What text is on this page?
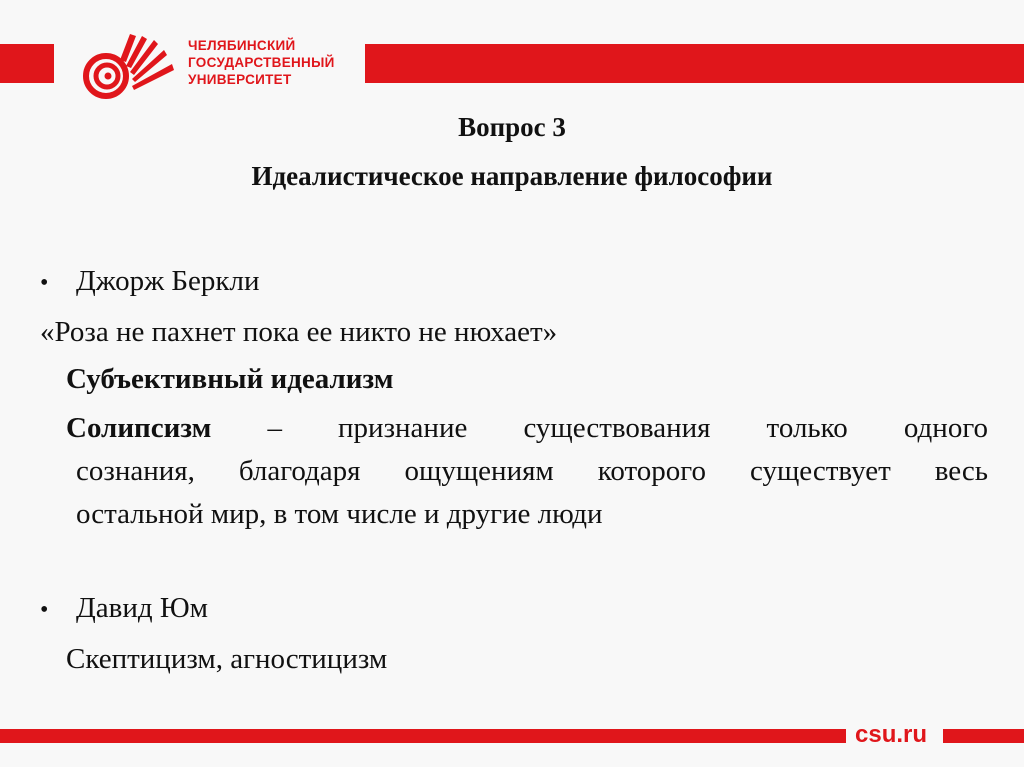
ЧЕЛЯБИНСКИЙ
ГОСУДАРСТВЕННЫЙ
УНИВЕРСИТЕТ
Вопрос 3
Идеалистическое направление философии
• Джорж Беркли
«Роза не пахнет пока ее никто не нюхает»
Субъективный идеализм
Солипсизм – признание существования только одного
сознания, благодаря ощущениям которого существует весь
остальной мир, в том числе и другие люди
• Давид Юм
Скептицизм, агностицизм
csu.ru
